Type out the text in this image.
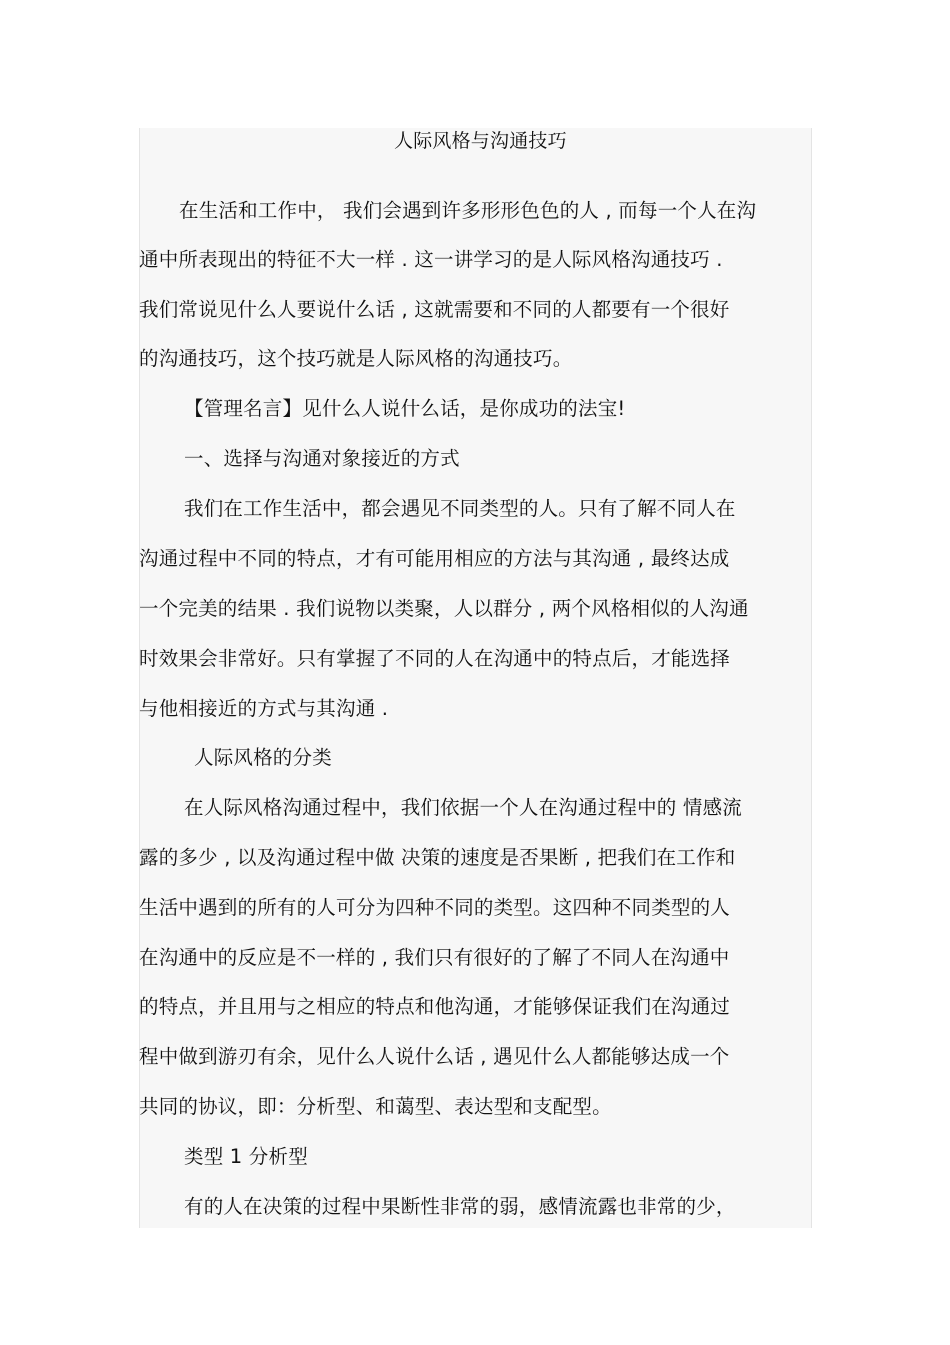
人际风格与沟通技巧
在生活和工作中， 我们会遇到许多形形色色的人 , 而每一个人在沟
通中所表现出的特征不大一样 . 这一讲学习的是人际风格沟通技巧 .
我们常说见什么人要说什么话 , 这就需要和不同的人都要有一个很好
的沟通技巧，这个技巧就是人际风格的沟通技巧。
【管理名言】见什么人说什么话，是你成功的法宝!
一、选择与沟通对象接近的方式
我们在工作生活中，都会遇见不同类型的人。只有了解不同人在
沟通过程中不同的特点，才有可能用相应的方法与其沟通 , 最终达成
一个完美的结果 . 我们说物以类聚，人以群分 , 两个风格相似的人沟通
时效果会非常好。只有掌握了不同的人在沟通中的特点后，才能选择
与他相接近的方式与其沟通 .
人际风格的分类
在人际风格沟通过程中，我们依据一个人在沟通过程中的 情感流
露的多少 , 以及沟通过程中做 决策的速度是否果断 , 把我们在工作和
生活中遇到的所有的人可分为四种不同的类型。这四种不同类型的人
在沟通中的反应是不一样的 , 我们只有很好的了解了不同人在沟通中
的特点，并且用与之相应的特点和他沟通，才能够保证我们在沟通过
程中做到游刃有余，见什么人说什么话 , 遇见什么人都能够达成一个
共同的协议，即：分析型、和蔼型、表达型和支配型。
类型 1 分析型
有的人在决策的过程中果断性非常的弱，感情流露也非常的少，
